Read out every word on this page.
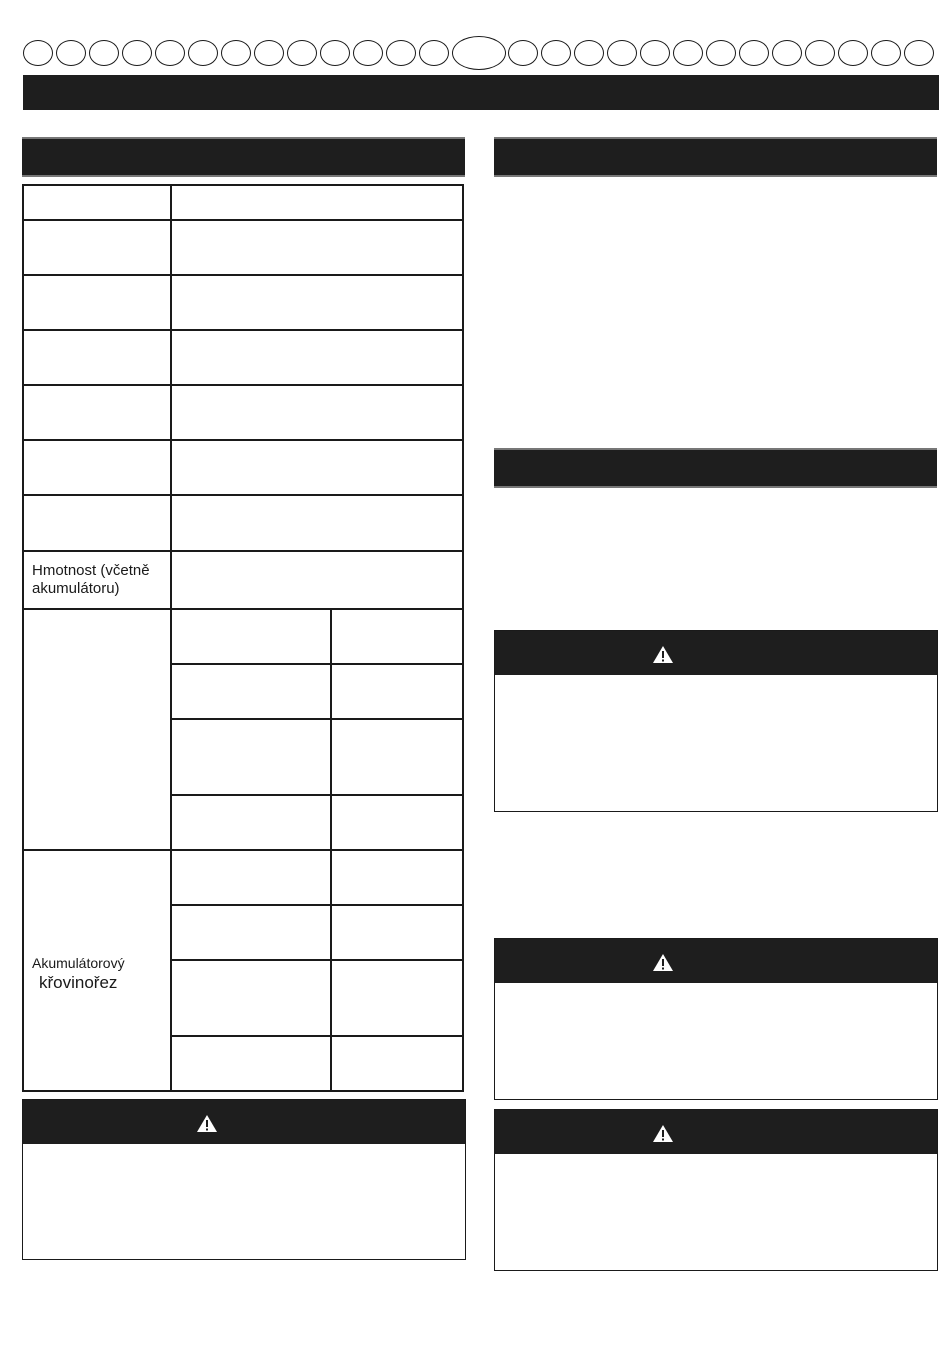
Hmotnost (včetně akumulátoru)
Akumulátorový
křovinořez
